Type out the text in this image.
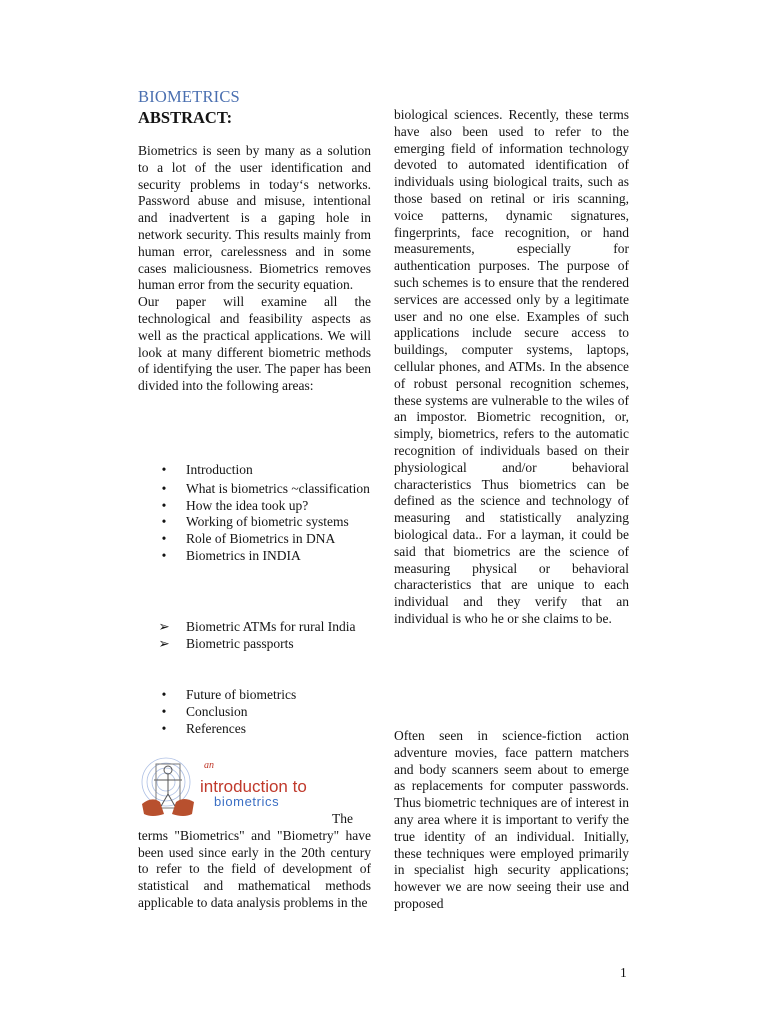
BIOMETRICS
ABSTRACT:

Biometrics is seen by many as a solution to a lot of the user identification and security problems in today‘s networks. Password abuse and misuse, intentional and inadvertent is a gaping hole in network security. This results mainly from human error, carelessness and in some cases maliciousness. Biometrics removes human error from the security equation.

Our paper will examine all the technological and feasibility aspects as well as the practical applications. We will look at many different biometric methods of identifying the user. The paper has been divided into the following areas:

• Introduction
• What is biometrics ~classification
• How the idea took up?
• Working of biometric systems
• Role of Biometrics in DNA
• Biometrics in INDIA
➢ Biometric ATMs for rural India
➢ Biometric passports
• Future of biometrics
• Conclusion
• References
an
introduction to
biometrics
The

terms "Biometrics" and "Biometry" have been used since early in the 20th century to refer to the field of development of statistical and mathematical methods applicable to data analysis problems in the

biological sciences. Recently, these terms have also been used to refer to the emerging field of information technology devoted to automated identification of individuals using biological traits, such as those based on retinal or iris scanning, voice patterns, dynamic signatures, fingerprints, face recognition, or hand measurements, especially for authentication purposes. The purpose of such schemes is to ensure that the rendered services are accessed only by a legitimate user and no one else. Examples of such applications include secure access to buildings, computer systems, laptops, cellular phones, and ATMs. In the absence of robust personal recognition schemes, these systems are vulnerable to the wiles of an impostor. Biometric recognition, or, simply, biometrics, refers to the automatic recognition of individuals based on their physiological and/or behavioral characteristics Thus biometrics can be defined as the science and technology of measuring and statistically analyzing biological data.. For a layman, it could be said that biometrics are the science of measuring physical or behavioral characteristics that are unique to each individual and they verify that an individual is who he or she claims to be.

Often seen in science-fiction action adventure movies, face pattern matchers and body scanners seem about to emerge as replacements for computer passwords. Thus biometric techniques are of interest in any area where it is important to verify the true identity of an individual. Initially, these techniques were employed primarily in specialist high security applications; however we are now seeing their use and proposed

1
